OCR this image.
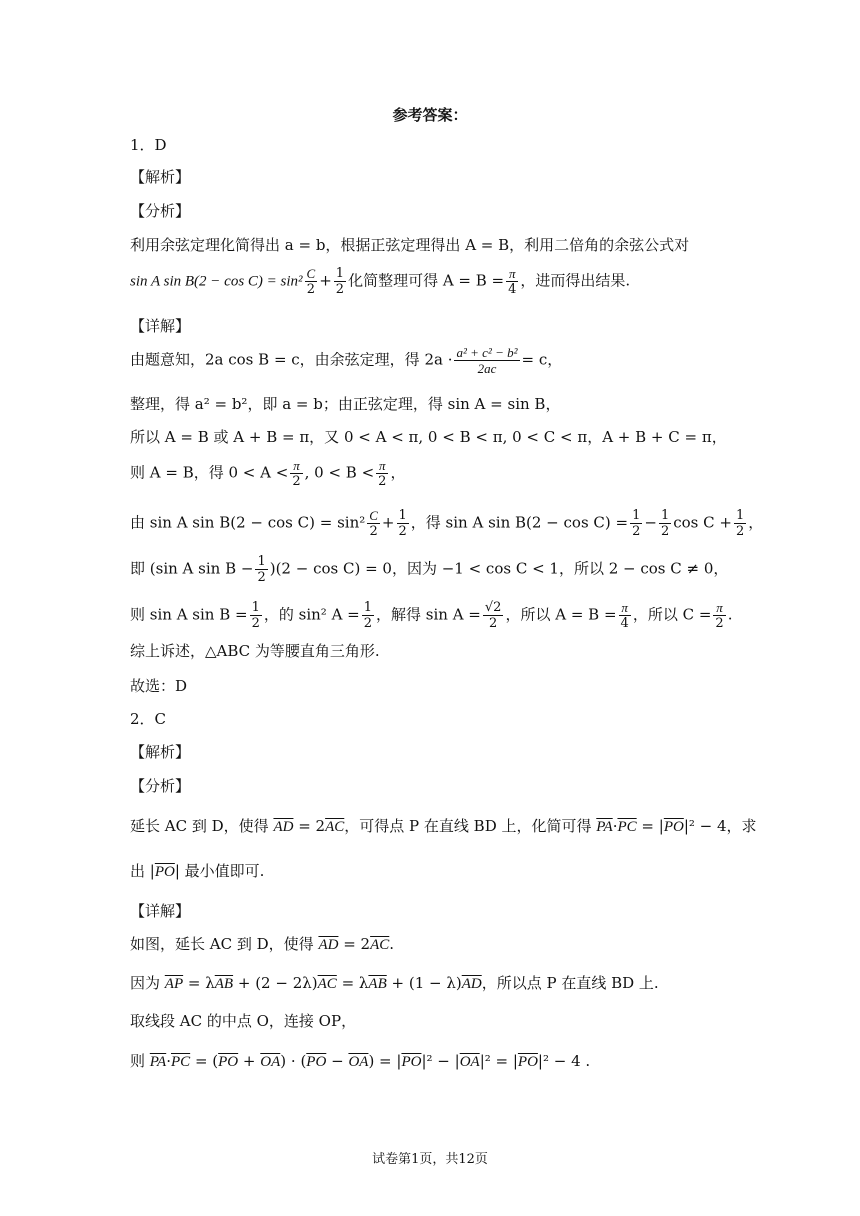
参考答案：
1．D
【解析】
【分析】
利用余弦定理化简得出 a = b，根据正弦定理得出 A = B，利用二倍角的余弦公式对
sin A $\sin B(2 - \cos C) = \sin^2 \frac{C}{2} + \frac{1}{2}$ 化简整理可得 $A = B = \frac{\pi}{4}$ ，进而得出结果.
【详解】
由题意知，2a cos B = c，由余弦定理，得 $2a \cdot \frac{\text{a² + c² − b²}}{2ac} = c$，
整理，得 a² = b²，即 a = b；由正弦定理，得 sin A = sin B，
所以 A = B 或 A + B = π，又 0 < A < π, 0 < B < π, 0 < C < π，A + B + C = π，
则 A = B，得 $0 < A < \frac{\pi}{2}$ , $0 < B < \frac{\pi}{2}$ ，
由 sin A $\sin B(2 - \cos C) = \sin^2 \frac{C}{2} + \frac{1}{2}$ ，得 sin A $\sin B(2 - \cos C) = \frac{1}{2} - \frac{1}{2}$ $\cos C + \frac{1}{2}$ ，
即 (sin A $\sin B - \frac{1}{2} )(2 - \cos C) = 0$，因为 −1 < cos C < 1，所以 2 − cos C ≠ 0，
则 sin A $\sin B = \frac{1}{2}$ ，的 sin² $A = \frac{1}{2}$ ，解得 $\sin A = \frac{√2}{2}$ ，所以 $A = B = \frac{\pi}{4}$ ，所以 $C = \frac{\pi}{2}$ .
综上诉述，△ABC 为等腰直角三角形.
故选：D
2．C
【解析】
【分析】
延长 AC 到 D，使得 $\overline{AD} = 2\overline{AC}$，可得点 P 在直线 BD 上，化简可得 $\overline{PA}\cdot\overline{PC} = |\overline{PO}|^2 - 4$，求
出 $|\overline{PO}|$ 最小值即可.
【详解】
如图，延长 AC 到 D，使得 $\overline{AD} = 2\overline{AC}$.
因为 $\overline{AP} = \lambda\overline{AB} + (2 - 2\lambda)\overline{AC} = \lambda\overline{AB} + (1 - \lambda)\overline{AD}$，所以点 P 在直线 BD 上.
取线段 AC 的中点 O，连接 OP，
则 $\overline{PA}\cdot\overline{PC} = (\overline{PO} + \overline{OA}) \cdot (\overline{PO} - \overline{OA}) = |\overline{PO}|^2 - |\overline{OA}|^2 = |\overline{PO}|^2 - 4$ .
试卷第1页，共12页
